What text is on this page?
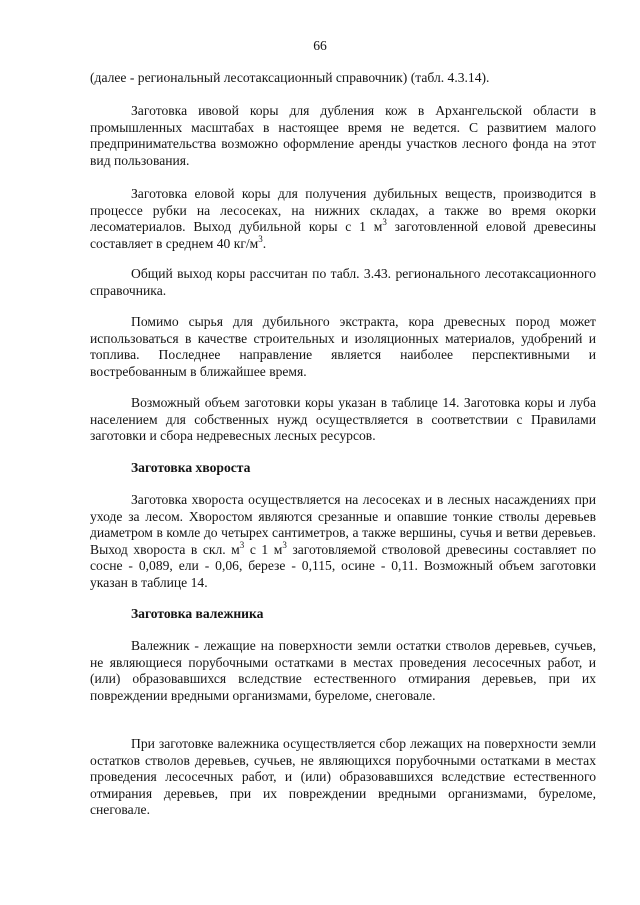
66

(далее - региональный лесотаксационный справочник) (табл. 4.3.14).

Заготовка ивовой коры для дубления кож в Архангельской области в промышленных масштабах в настоящее время не ведется. С развитием малого предпринимательства возможно оформление аренды участков лесного фонда на этот вид пользования.

Заготовка еловой коры для получения дубильных веществ, производится в процессе рубки на лесосеках, на нижних складах, а также во время окорки лесоматериалов. Выход дубильной коры с 1 $м^3$ заготовленной еловой древесины составляет в среднем 40 $кг/м^3$.

Общий выход коры рассчитан по табл. 3.43. регионального лесотаксационного справочника.

Помимо сырья для дубильного экстракта, кора древесных пород может использоваться в качестве строительных и изоляционных материалов, удобрений и топлива. Последнее направление является наиболее перспективными и востребованным в ближайшее время.

Возможный объем заготовки коры указан в таблице 14. Заготовка коры и луба населением для собственных нужд осуществляется в соответствии с Правилами заготовки и сбора недревесных лесных ресурсов.

Заготовка хвороста

Заготовка хвороста осуществляется на лесосеках и в лесных насаждениях при уходе за лесом. Хворостом являются срезанные и опавшие тонкие стволы деревьев диаметром в комле до четырех сантиметров, а также вершины, сучья и ветви деревьев. Выход хвороста в скл. $м^3$ с 1 $м^3$ заготовляемой стволовой древесины составляет по сосне - 0,089, ели - 0,06, березе - 0,115, осине - 0,11. Возможный объем заготовки указан в таблице 14.

Заготовка валежника

Валежник - лежащие на поверхности земли остатки стволов деревьев, сучьев, не являющиеся порубочными остатками в местах проведения лесосечных работ, и (или) образовавшихся вследствие естественного отмирания деревьев, при их повреждении вредными организмами, буреломе, снеговале.

При заготовке валежника осуществляется сбор лежащих на поверхности земли остатков стволов деревьев, сучьев, не являющихся порубочными остатками в местах проведения лесосечных работ, и (или) образовавшихся вследствие естественного отмирания деревьев, при их повреждении вредными организмами, буреломе, снеговале.
